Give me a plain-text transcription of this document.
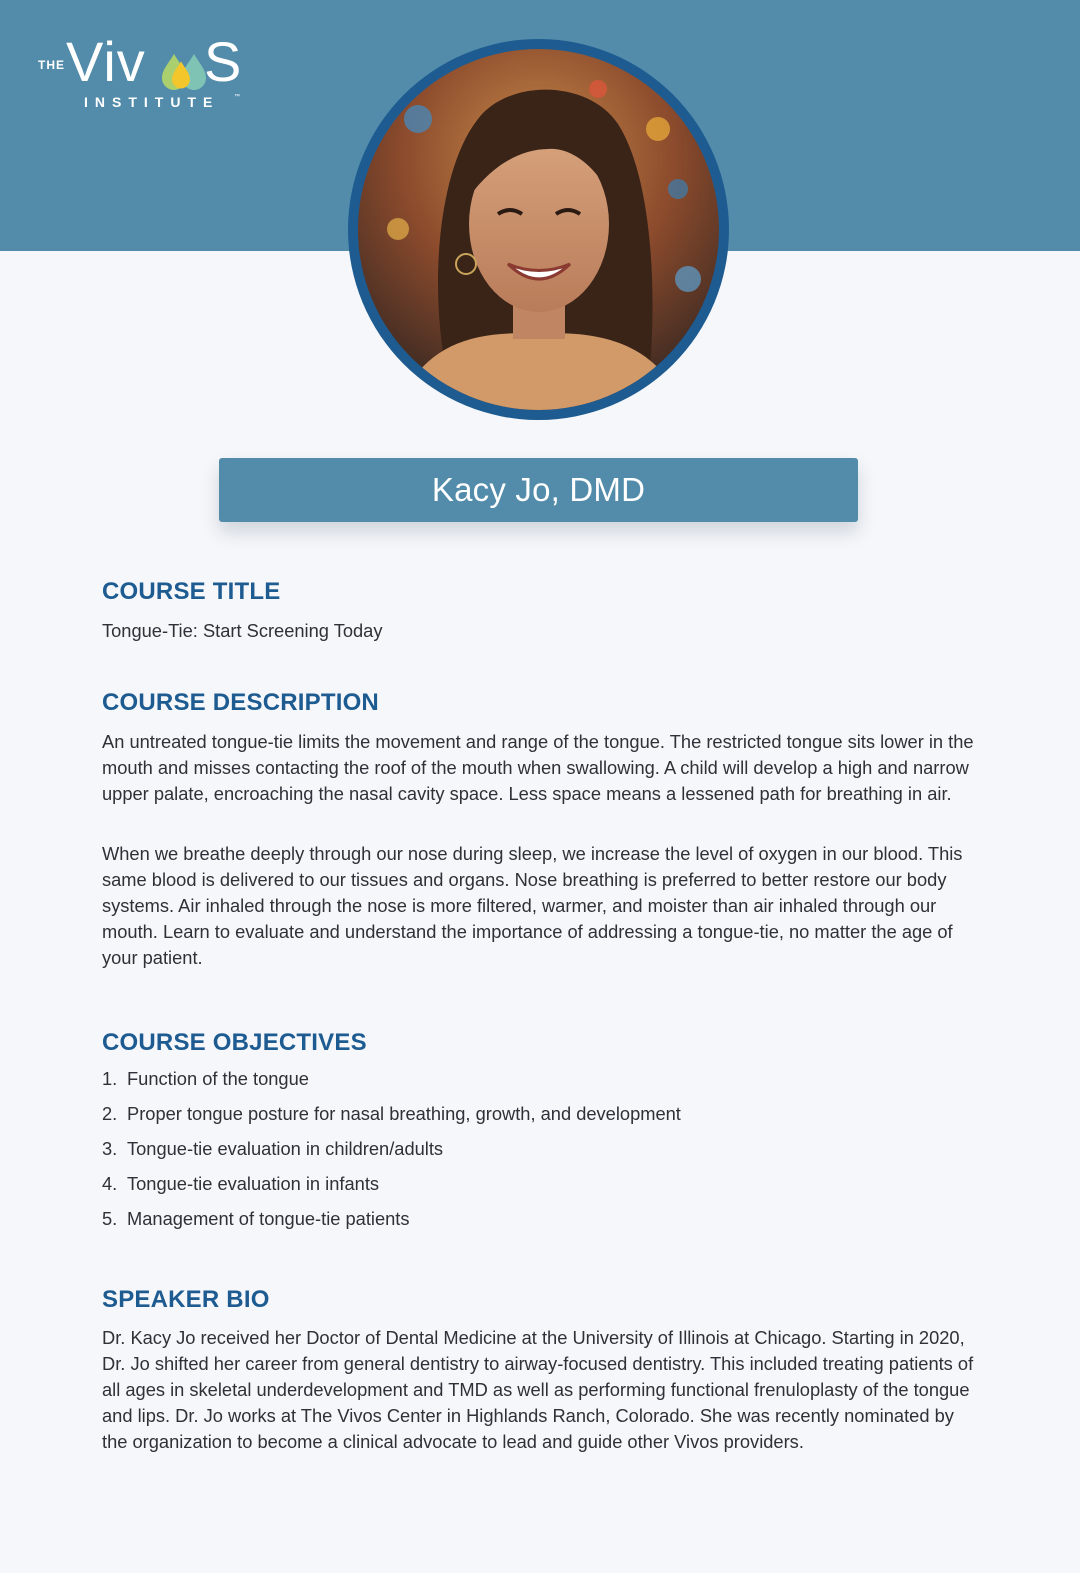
THE Viv S
INSTITUTE ™
Kacy Jo, DMD
COURSE TITLE
Tongue-Tie: Start Screening Today
COURSE DESCRIPTION
An untreated tongue-tie limits the movement and range of the tongue. The restricted tongue sits lower in the mouth and misses contacting the roof of the mouth when swallowing. A child will develop a high and narrow upper palate, encroaching the nasal cavity space. Less space means a lessened path for breathing in air.
When we breathe deeply through our nose during sleep, we increase the level of oxygen in our blood. This same blood is delivered to our tissues and organs. Nose breathing is preferred to better restore our body systems. Air inhaled through the nose is more filtered, warmer, and moister than air inhaled through our mouth. Learn to evaluate and understand the importance of addressing a tongue-tie, no matter the age of your patient.
COURSE OBJECTIVES
1. Function of the tongue
2. Proper tongue posture for nasal breathing, growth, and development
3. Tongue-tie evaluation in children/adults
4. Tongue-tie evaluation in infants
5. Management of tongue-tie patients
SPEAKER BIO
Dr. Kacy Jo received her Doctor of Dental Medicine at the University of Illinois at Chicago. Starting in 2020, Dr. Jo shifted her career from general dentistry to airway-focused dentistry. This included treating patients of all ages in skeletal underdevelopment and TMD as well as performing functional frenuloplasty of the tongue and lips. Dr. Jo works at The Vivos Center in Highlands Ranch, Colorado. She was recently nominated by the organization to become a clinical advocate to lead and guide other Vivos providers.
